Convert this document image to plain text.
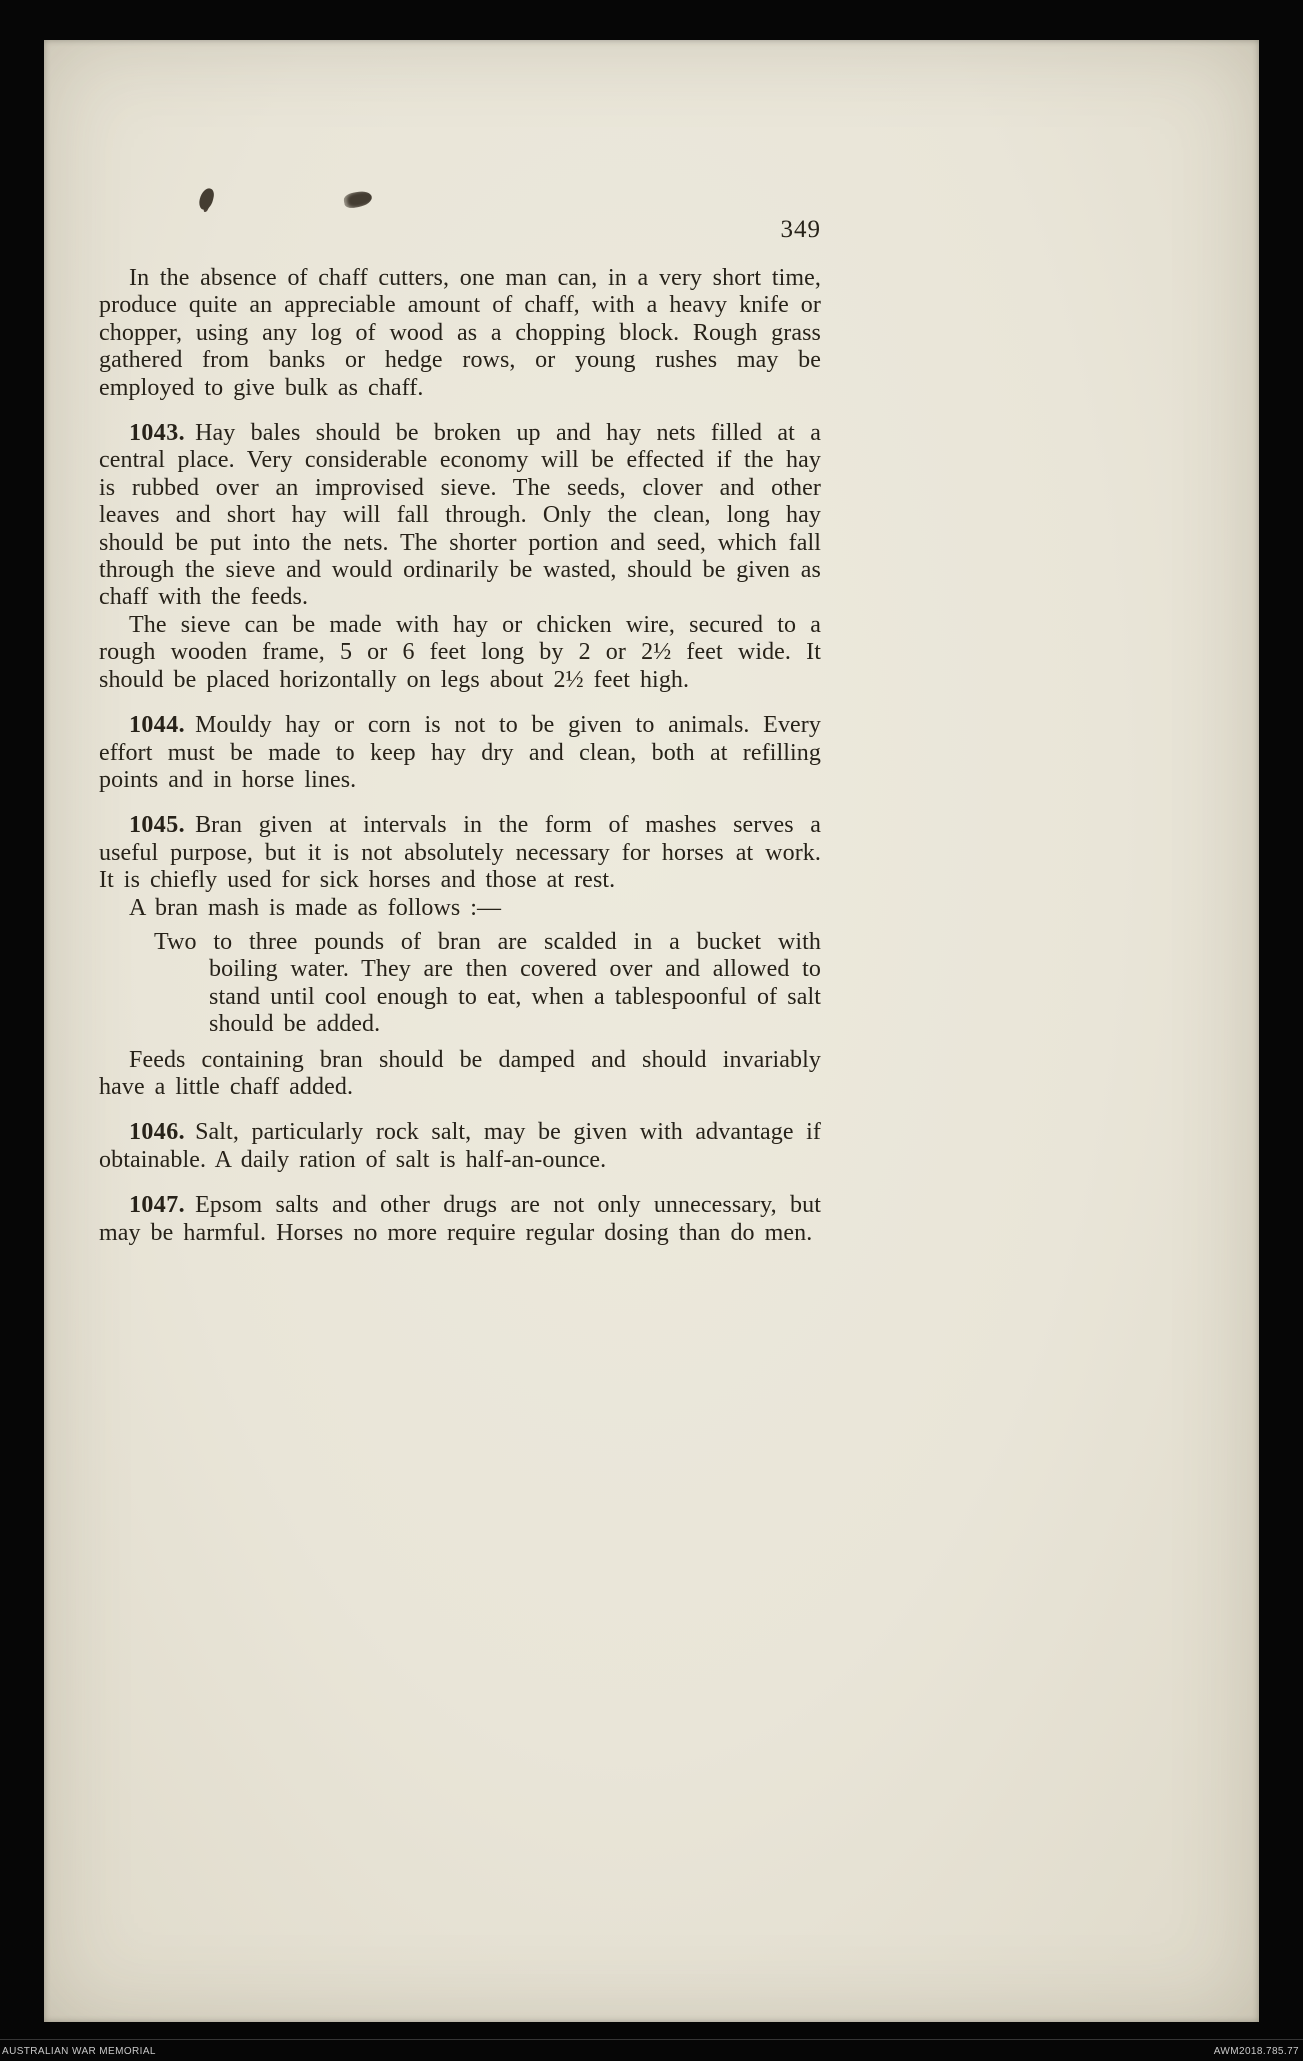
349

In the absence of chaff cutters, one man can, in a very short time, produce quite an appreciable amount of chaff, with a heavy knife or chopper, using any log of wood as a chopping block. Rough grass gathered from banks or hedge rows, or young rushes may be employed to give bulk as chaff.

1043. Hay bales should be broken up and hay nets filled at a central place. Very considerable economy will be effected if the hay is rubbed over an improvised sieve. The seeds, clover and other leaves and short hay will fall through. Only the clean, long hay should be put into the nets. The shorter portion and seed, which fall through the sieve and would ordinarily be wasted, should be given as chaff with the feeds.

The sieve can be made with hay or chicken wire, secured to a rough wooden frame, 5 or 6 feet long by 2 or 2½ feet wide. It should be placed horizontally on legs about 2½ feet high.

1044. Mouldy hay or corn is not to be given to animals. Every effort must be made to keep hay dry and clean, both at refilling points and in horse lines.

1045. Bran given at intervals in the form of mashes serves a useful purpose, but it is not absolutely necessary for horses at work. It is chiefly used for sick horses and those at rest.

A bran mash is made as follows :—

Two to three pounds of bran are scalded in a bucket with boiling water. They are then covered over and allowed to stand until cool enough to eat, when a tablespoonful of salt should be added.

Feeds containing bran should be damped and should invariably have a little chaff added.

1046. Salt, particularly rock salt, may be given with advantage if obtainable. A daily ration of salt is half-an-ounce.

1047. Epsom salts and other drugs are not only unnecessary, but may be harmful. Horses no more require regular dosing than do men.

AUSTRALIAN WAR MEMORIAL	AWM2018.785.77
